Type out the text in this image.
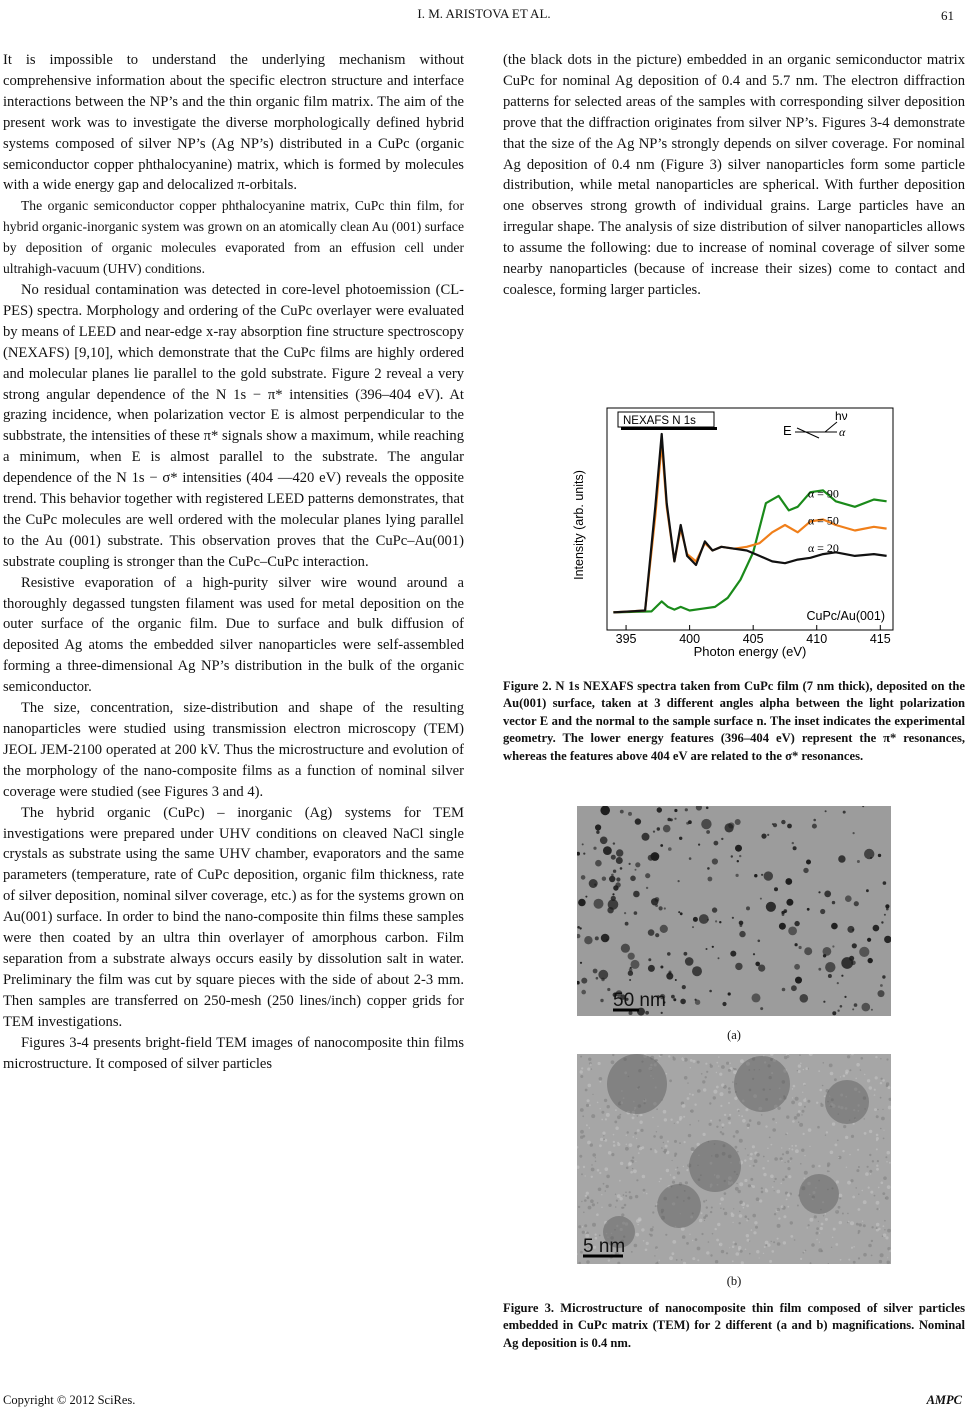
I. M. ARISTOVA ET AL.	61

It is impossible to understand the underlying mechanism without comprehensive information about the specific electron structure and interface interactions between the NP’s and the thin organic film matrix. The aim of the present work was to investigate the diverse morphologically defined hybrid systems composed of silver NP’s (Ag NP’s) distributed in a CuPc (organic semiconductor copper phthalocyanine) matrix, which is formed by molecules with a wide energy gap and delocalized π-orbitals.

The organic semiconductor copper phthalocyanine matrix, CuPc thin film, for hybrid organic-inorganic system was grown on an atomically clean Au (001) surface by deposition of organic molecules evaporated from an effusion cell under ultrahigh-vacuum (UHV) conditions.

No residual contamination was detected in core-level photoemission (CL-PES) spectra. Morphology and ordering of the CuPc overlayer were evaluated by means of LEED and near-edge x-ray absorption fine structure spectroscopy (NEXAFS) [9,10], which demonstrate that the CuPc films are highly ordered and molecular planes lie parallel to the gold substrate. Figure 2 reveal a very strong angular dependence of the N 1s − π* intensities (396–404 eV). At grazing incidence, when polarization vector E is almost perpendicular to the subbstrate, the intensities of these π* signals show a maximum, while reaching a minimum, when E is almost parallel to the substrate. The angular dependence of the N 1s − σ* intensities (404 —420 eV) reveals the opposite trend. This behavior together with registered LEED patterns demonstrates, that the CuPc molecules are well ordered with the molecular planes lying parallel to the Au (001) substrate. This observation proves that the CuPc–Au(001) substrate coupling is stronger than the CuPc–CuPc interaction.

Resistive evaporation of a high-purity silver wire wound around a thoroughly degassed tungsten filament was used for metal deposition on the outer surface of the organic film. Due to surface and bulk diffusion of deposited Ag atoms the embedded silver nanoparticles were self-assembled forming a three-dimensional Ag NP’s distribution in the bulk of the organic semiconductor.

The size, concentration, size-distribution and shape of the resulting nanoparticles were studied using transmission electron microscopy (TEM) JEOL JEM-2100 operated at 200 kV. Thus the microstructure and evolution of the morphology of the nano-composite films as a function of nominal silver coverage were studied (see Figures 3 and 4).

The hybrid organic (CuPc) – inorganic (Ag) systems for TEM investigations were prepared under UHV conditions on cleaved NaCl single crystals as substrate using the same UHV chamber, evaporators and the same parameters (temperature, rate of CuPc deposition, organic film thickness, rate of silver deposition, nominal silver coverage, etc.) as for the systems grown on Au(001) surface. In order to bind the nano-composite thin films these samples were then coated by an ultra thin overlayer of amorphous carbon. Film separation from a substrate always occurs easily by dissolution salt in water. Preliminary the film was cut by square pieces with the side of about 2-3 mm. Then samples are transferred on 250-mesh (250 lines/inch) copper grids for TEM investigations.

Figures 3-4 presents bright-field TEM images of nanocomposite thin films microstructure. It composed of silver particles

(the black dots in the picture) embedded in an organic semiconductor matrix CuPc for nominal Ag deposition of 0.4 and 5.7 nm. The electron diffraction patterns for selected areas of the samples with corresponding silver deposition prove that the diffraction originates from silver NP’s. Figures 3-4 demonstrate that the size of the Ag NP’s strongly depends on silver coverage. For nominal Ag deposition of 0.4 nm (Figure 3) silver nanoparticles form some particle distribution, while metal nanoparticles are spherical. With further deposition one observes strong growth of individual grains. Large particles have an irregular shape. The analysis of size distribution of silver nanoparticles allows to assume the following: due to increase of nominal coverage of silver some nearby nanoparticles (because of increase their sizes) come to contact and coalesce, forming larger particles.

395	400	405	410	415
Photon energy (eV)
Intensity (arb. units)	α = 90
α = 50
α = 20
NEXAFS N 1s
E
hν
α
CuPc/Au(001)
Figure 2. N 1s NEXAFS spectra taken from CuPc film (7 nm thick), deposited on the Au(001) surface, taken at 3 different angles alpha between the light polarization vector E and the normal to the sample surface n. The inset indicates the experimental geometry. The lower energy features (396–404 eV) represent the π* resonances, whereas the features above 404 eV are related to the σ* resonances.
50 nm
(a)
5 nm
(b)
Figure 3. Microstructure of nanocomposite thin film composed of silver particles embedded in CuPc matrix (TEM) for 2 different (a and b) magnifications. Nominal Ag deposition is 0.4 nm.
Copyright © 2012 SciRes.	AMPC
